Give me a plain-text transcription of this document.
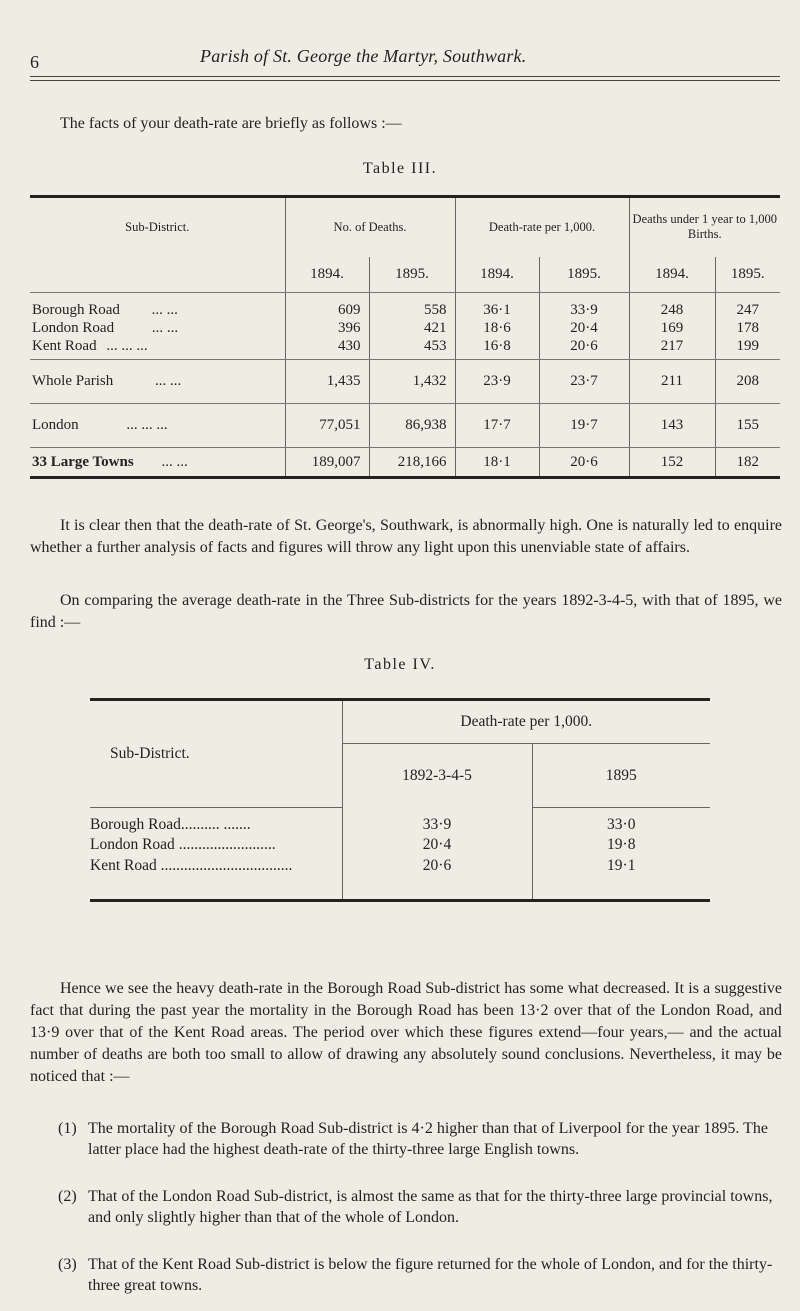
6	Parish of St. George the Martyr, Southwark.
The facts of your death-rate are briefly as follows :—
Table III.
Sub-District.	No. of Deaths.		Death-rate per 1,000.		Deaths under 1 year to 1,000 Births.	
	1894.	1895.	1894.	1895.	1894.	1895.
Borough Road ... ...	609	558	36·1	33·9	248	247
London Road ... ...	396	421	18·6	20·4	169	178
Kent Road ... ... ...	430	453	16·8	20·6	217	199
Whole Parish ... ...	1,435	1,432	23·9	23·7	211	208
London ... ... ...	77,051	86,938	17·7	19·7	143	155
33 Large Towns ... ...	189,007	218,166	18·1	20·6	152	182
It is clear then that the death-rate of St. George's, Southwark, is abnormally high. One is naturally led to enquire whether a further analysis of facts and figures will throw any light upon this unenviable state of affairs.
On comparing the average death-rate in the Three Sub-districts for the years 1892-3-4-5, with that of 1895, we find :—
Table IV.
Sub-District.	Death-rate per 1,000.	
	1892-3-4-5	1895
Borough Road.......... .......	33·9	33·0
London Road .........................	20·4	19·8
Kent Road ..................................	20·6	19·1
Hence we see the heavy death-rate in the Borough Road Sub-district has some what decreased. It is a suggestive fact that during the past year the mortality in the Borough Road has been 13·2 over that of the London Road, and 13·9 over that of the Kent Road areas. The period over which these figures extend—four years,— and the actual number of deaths are both too small to allow of drawing any absolutely sound conclusions. Nevertheless, it may be noticed that :—
(1) The mortality of the Borough Road Sub-district is 4·2 higher than that of Liverpool for the year 1895. The latter place had the highest death-rate of the thirty-three large English towns.
(2) That of the London Road Sub-district, is almost the same as that for the thirty-three large provincial towns, and only slightly higher than that of the whole of London.
(3) That of the Kent Road Sub-district is below the figure returned for the whole of London, and for the thirty-three great towns.
